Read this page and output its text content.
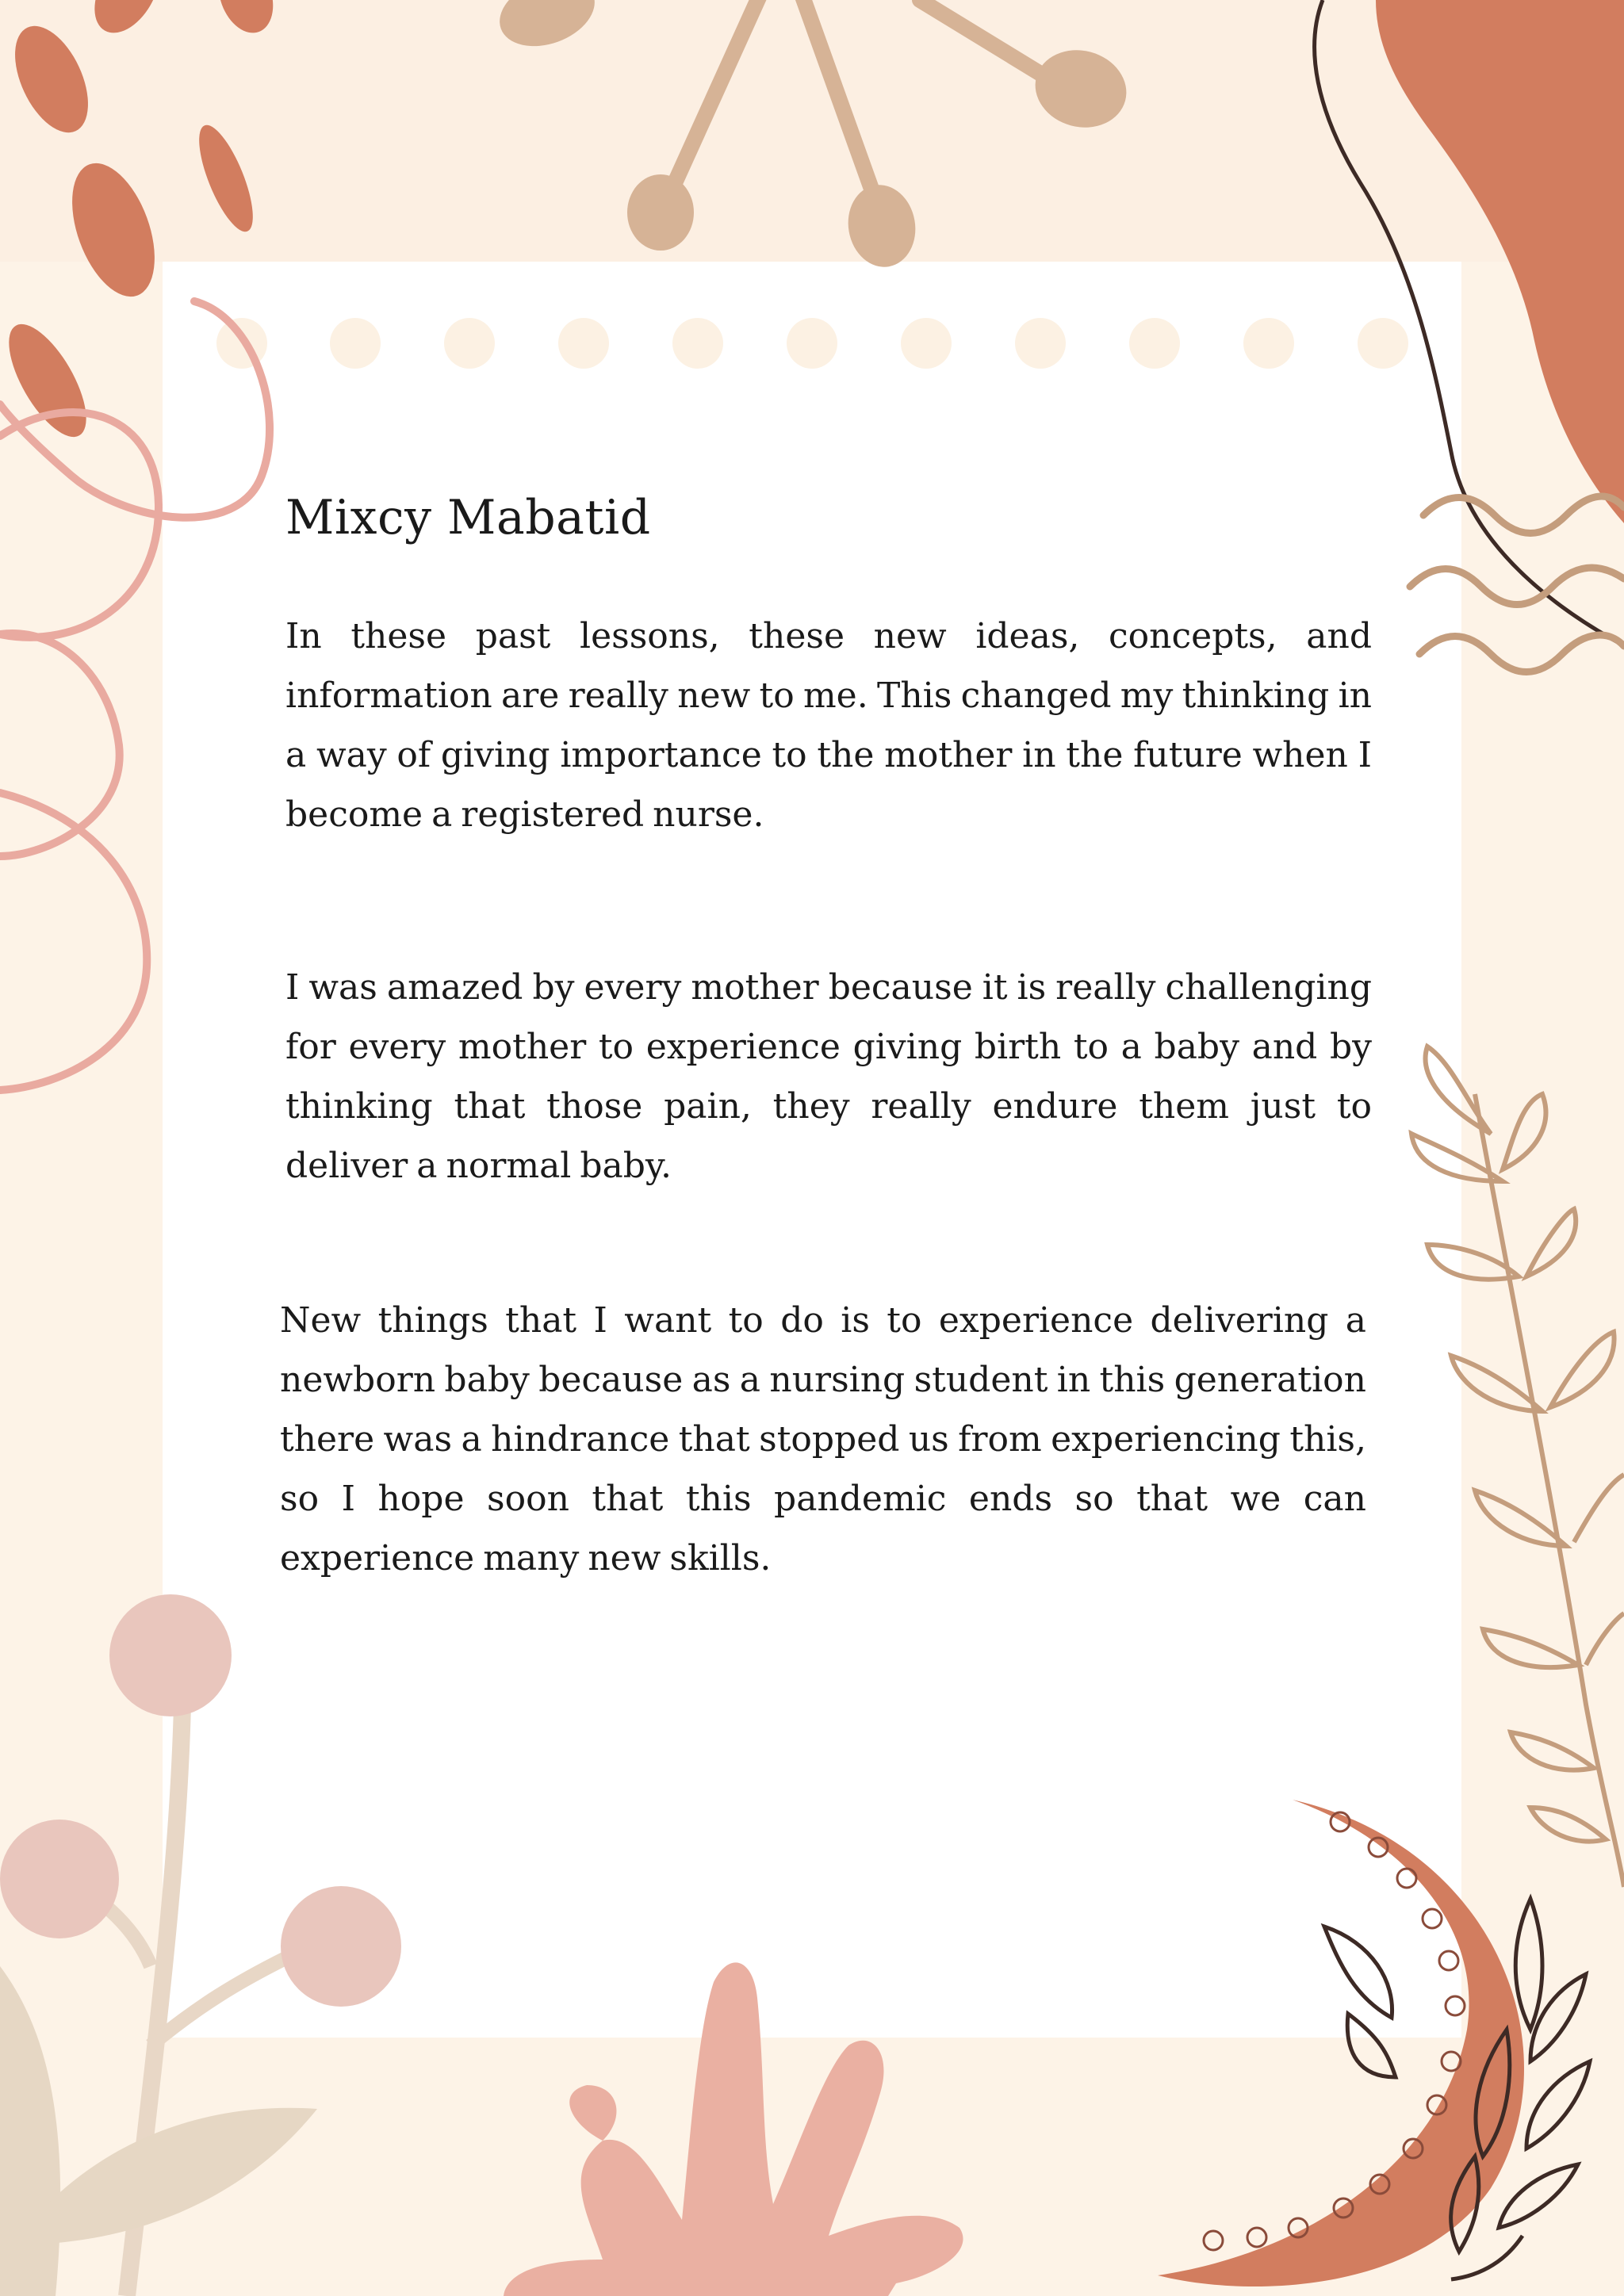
Mixcy Mabatid

In these past lessons, these new ideas, concepts, and information are really new to me. This changed my thinking in a way of giving importance to the mother in the future when I become a registered nurse.

I was amazed by every mother because it is really challenging for every mother to experience giving birth to a baby and by thinking that those pain, they really endure them just to deliver a normal baby.

New things that I want to do is to experience delivering a newborn baby because as a nursing student in this generation there was a hindrance that stopped us from experiencing this, so I hope soon that this pandemic ends so that we can experience many new skills.
